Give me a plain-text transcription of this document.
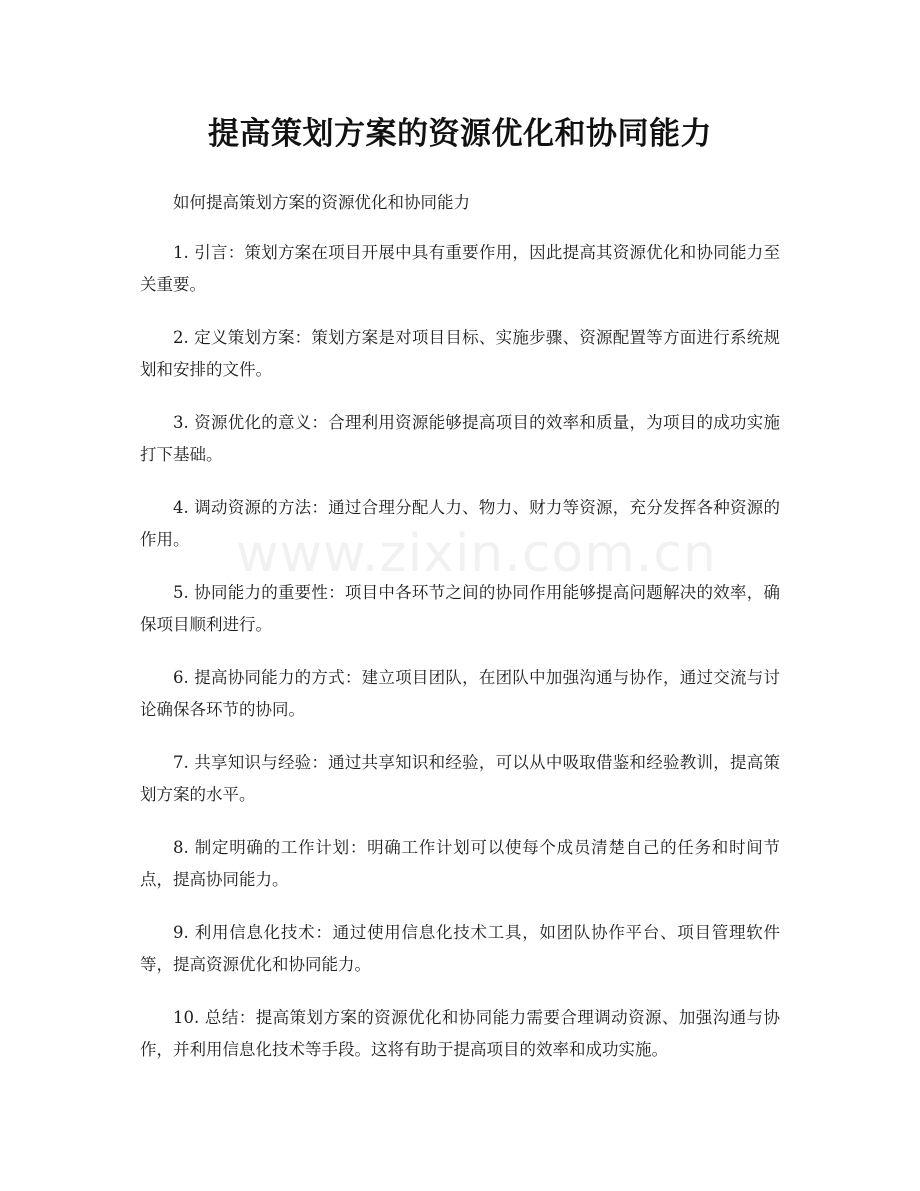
提高策划方案的资源优化和协同能力

如何提高策划方案的资源优化和协同能力

1. 引言：策划方案在项目开展中具有重要作用，因此提高其资源优化和协同能力至关重要。

2. 定义策划方案：策划方案是对项目目标、实施步骤、资源配置等方面进行系统规划和安排的文件。

3. 资源优化的意义：合理利用资源能够提高项目的效率和质量，为项目的成功实施打下基础。

4. 调动资源的方法：通过合理分配人力、物力、财力等资源，充分发挥各种资源的作用。

5. 协同能力的重要性：项目中各环节之间的协同作用能够提高问题解决的效率，确保项目顺利进行。

6. 提高协同能力的方式：建立项目团队，在团队中加强沟通与协作，通过交流与讨论确保各环节的协同。

7. 共享知识与经验：通过共享知识和经验，可以从中吸取借鉴和经验教训，提高策划方案的水平。

8. 制定明确的工作计划：明确工作计划可以使每个成员清楚自己的任务和时间节点，提高协同能力。

9. 利用信息化技术：通过使用信息化技术工具，如团队协作平台、项目管理软件等，提高资源优化和协同能力。

10. 总结：提高策划方案的资源优化和协同能力需要合理调动资源、加强沟通与协作，并利用信息化技术等手段。这将有助于提高项目的效率和成功实施。

www.zixin.com.cn
